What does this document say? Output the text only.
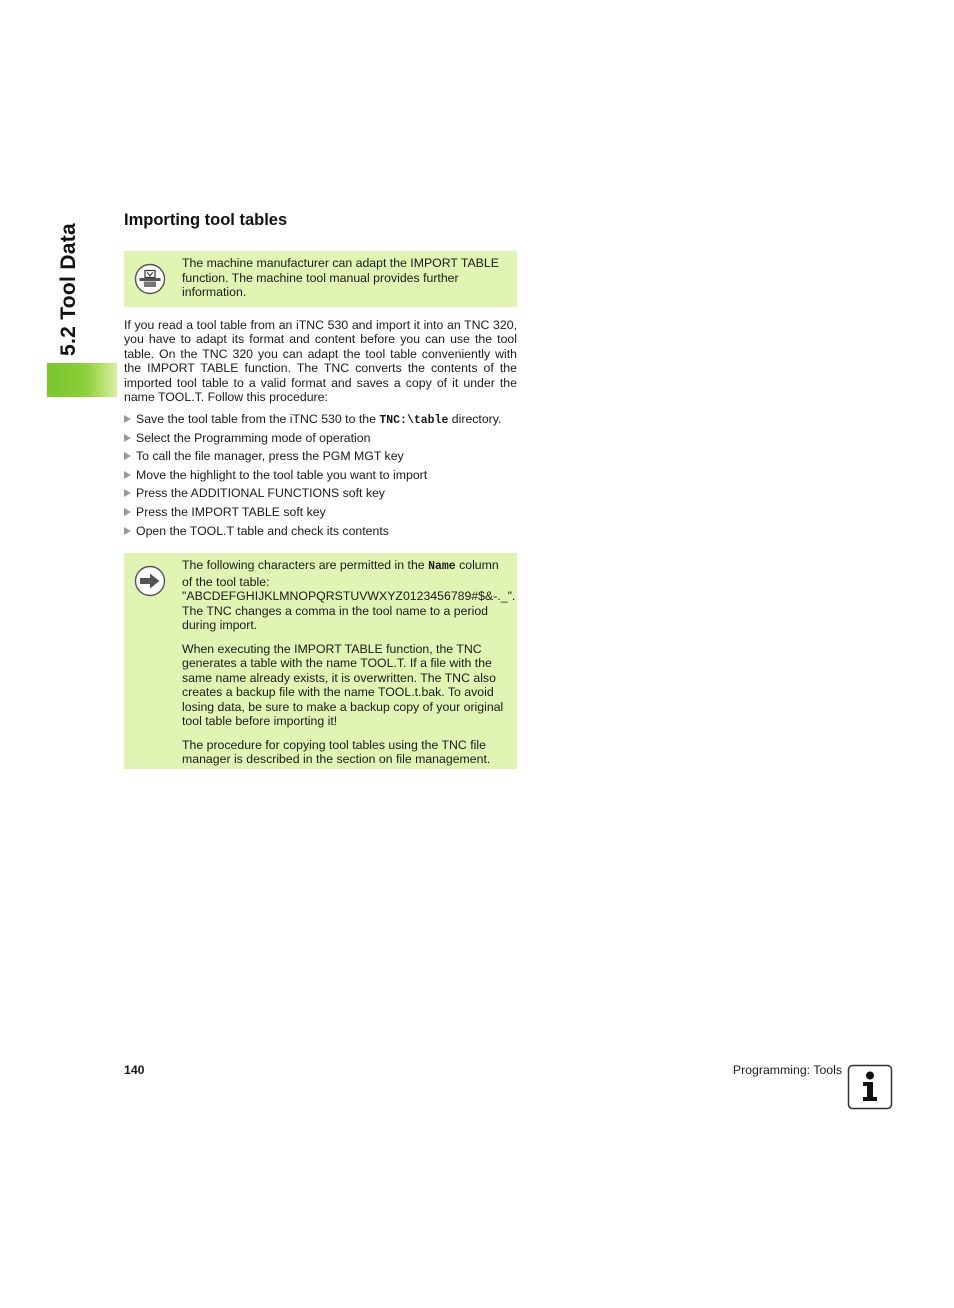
5.2 Tool Data
Importing tool tables

The machine manufacturer can adapt the IMPORT TABLE function. The machine tool manual provides further information.

If you read a tool table from an iTNC 530 and import it into an TNC 320, you have to adapt its format and content before you can use the tool table. On the TNC 320 you can adapt the tool table conveniently with the IMPORT TABLE function. The TNC converts the contents of the imported tool table to a valid format and saves a copy of it under the name TOOL.T. Follow this procedure:

Save the tool table from the iTNC 530 to the TNC:\table directory.
Select the Programming mode of operation
To call the file manager, press the PGM MGT key
Move the highlight to the tool table you want to import
Press the ADDITIONAL FUNCTIONS soft key
Press the IMPORT TABLE soft key
Open the TOOL.T table and check its contents

The following characters are permitted in the Name column of the tool table: "ABCDEFGHIJKLMNOPQRSTUVWXYZ0123456789#$&-._". The TNC changes a comma in the tool name to a period during import.

When executing the IMPORT TABLE function, the TNC generates a table with the name TOOL.T. If a file with the same name already exists, it is overwritten. The TNC also creates a backup file with the name TOOL.t.bak. To avoid losing data, be sure to make a backup copy of your original tool table before importing it!

The procedure for copying tool tables using the TNC file manager is described in the section on file management.

140	Programming: Tools
